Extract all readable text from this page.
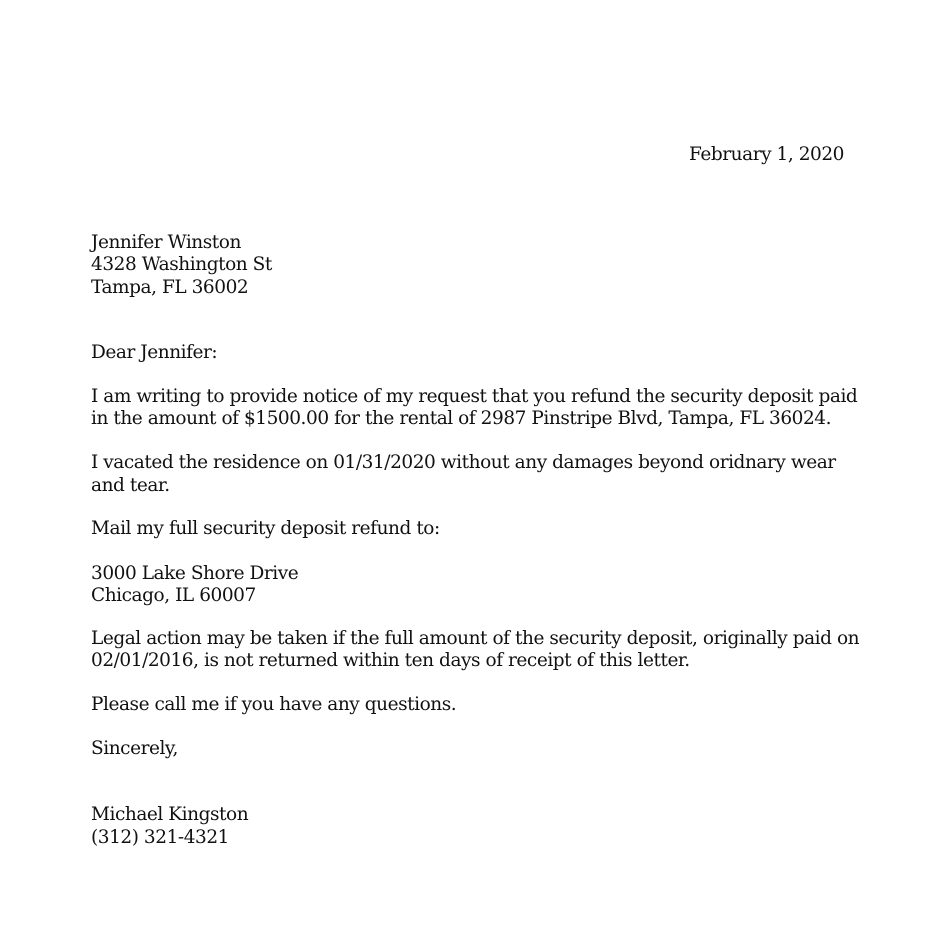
February 1, 2020
Jennifer Winston
4328 Washington St
Tampa, FL 36002
Dear Jennifer:
I am writing to provide notice of my request that you refund the security deposit paid
in the amount of $1500.00 for the rental of 2987 Pinstripe Blvd, Tampa, FL 36024.
I vacated the residence on 01/31/2020 without any damages beyond oridnary wear
and tear.
Mail my full security deposit refund to:
3000 Lake Shore Drive
Chicago, IL 60007
Legal action may be taken if the full amount of the security deposit, originally paid on
02/01/2016, is not returned within ten days of receipt of this letter.
Please call me if you have any questions.
Sincerely,
Michael Kingston
(312) 321-4321
